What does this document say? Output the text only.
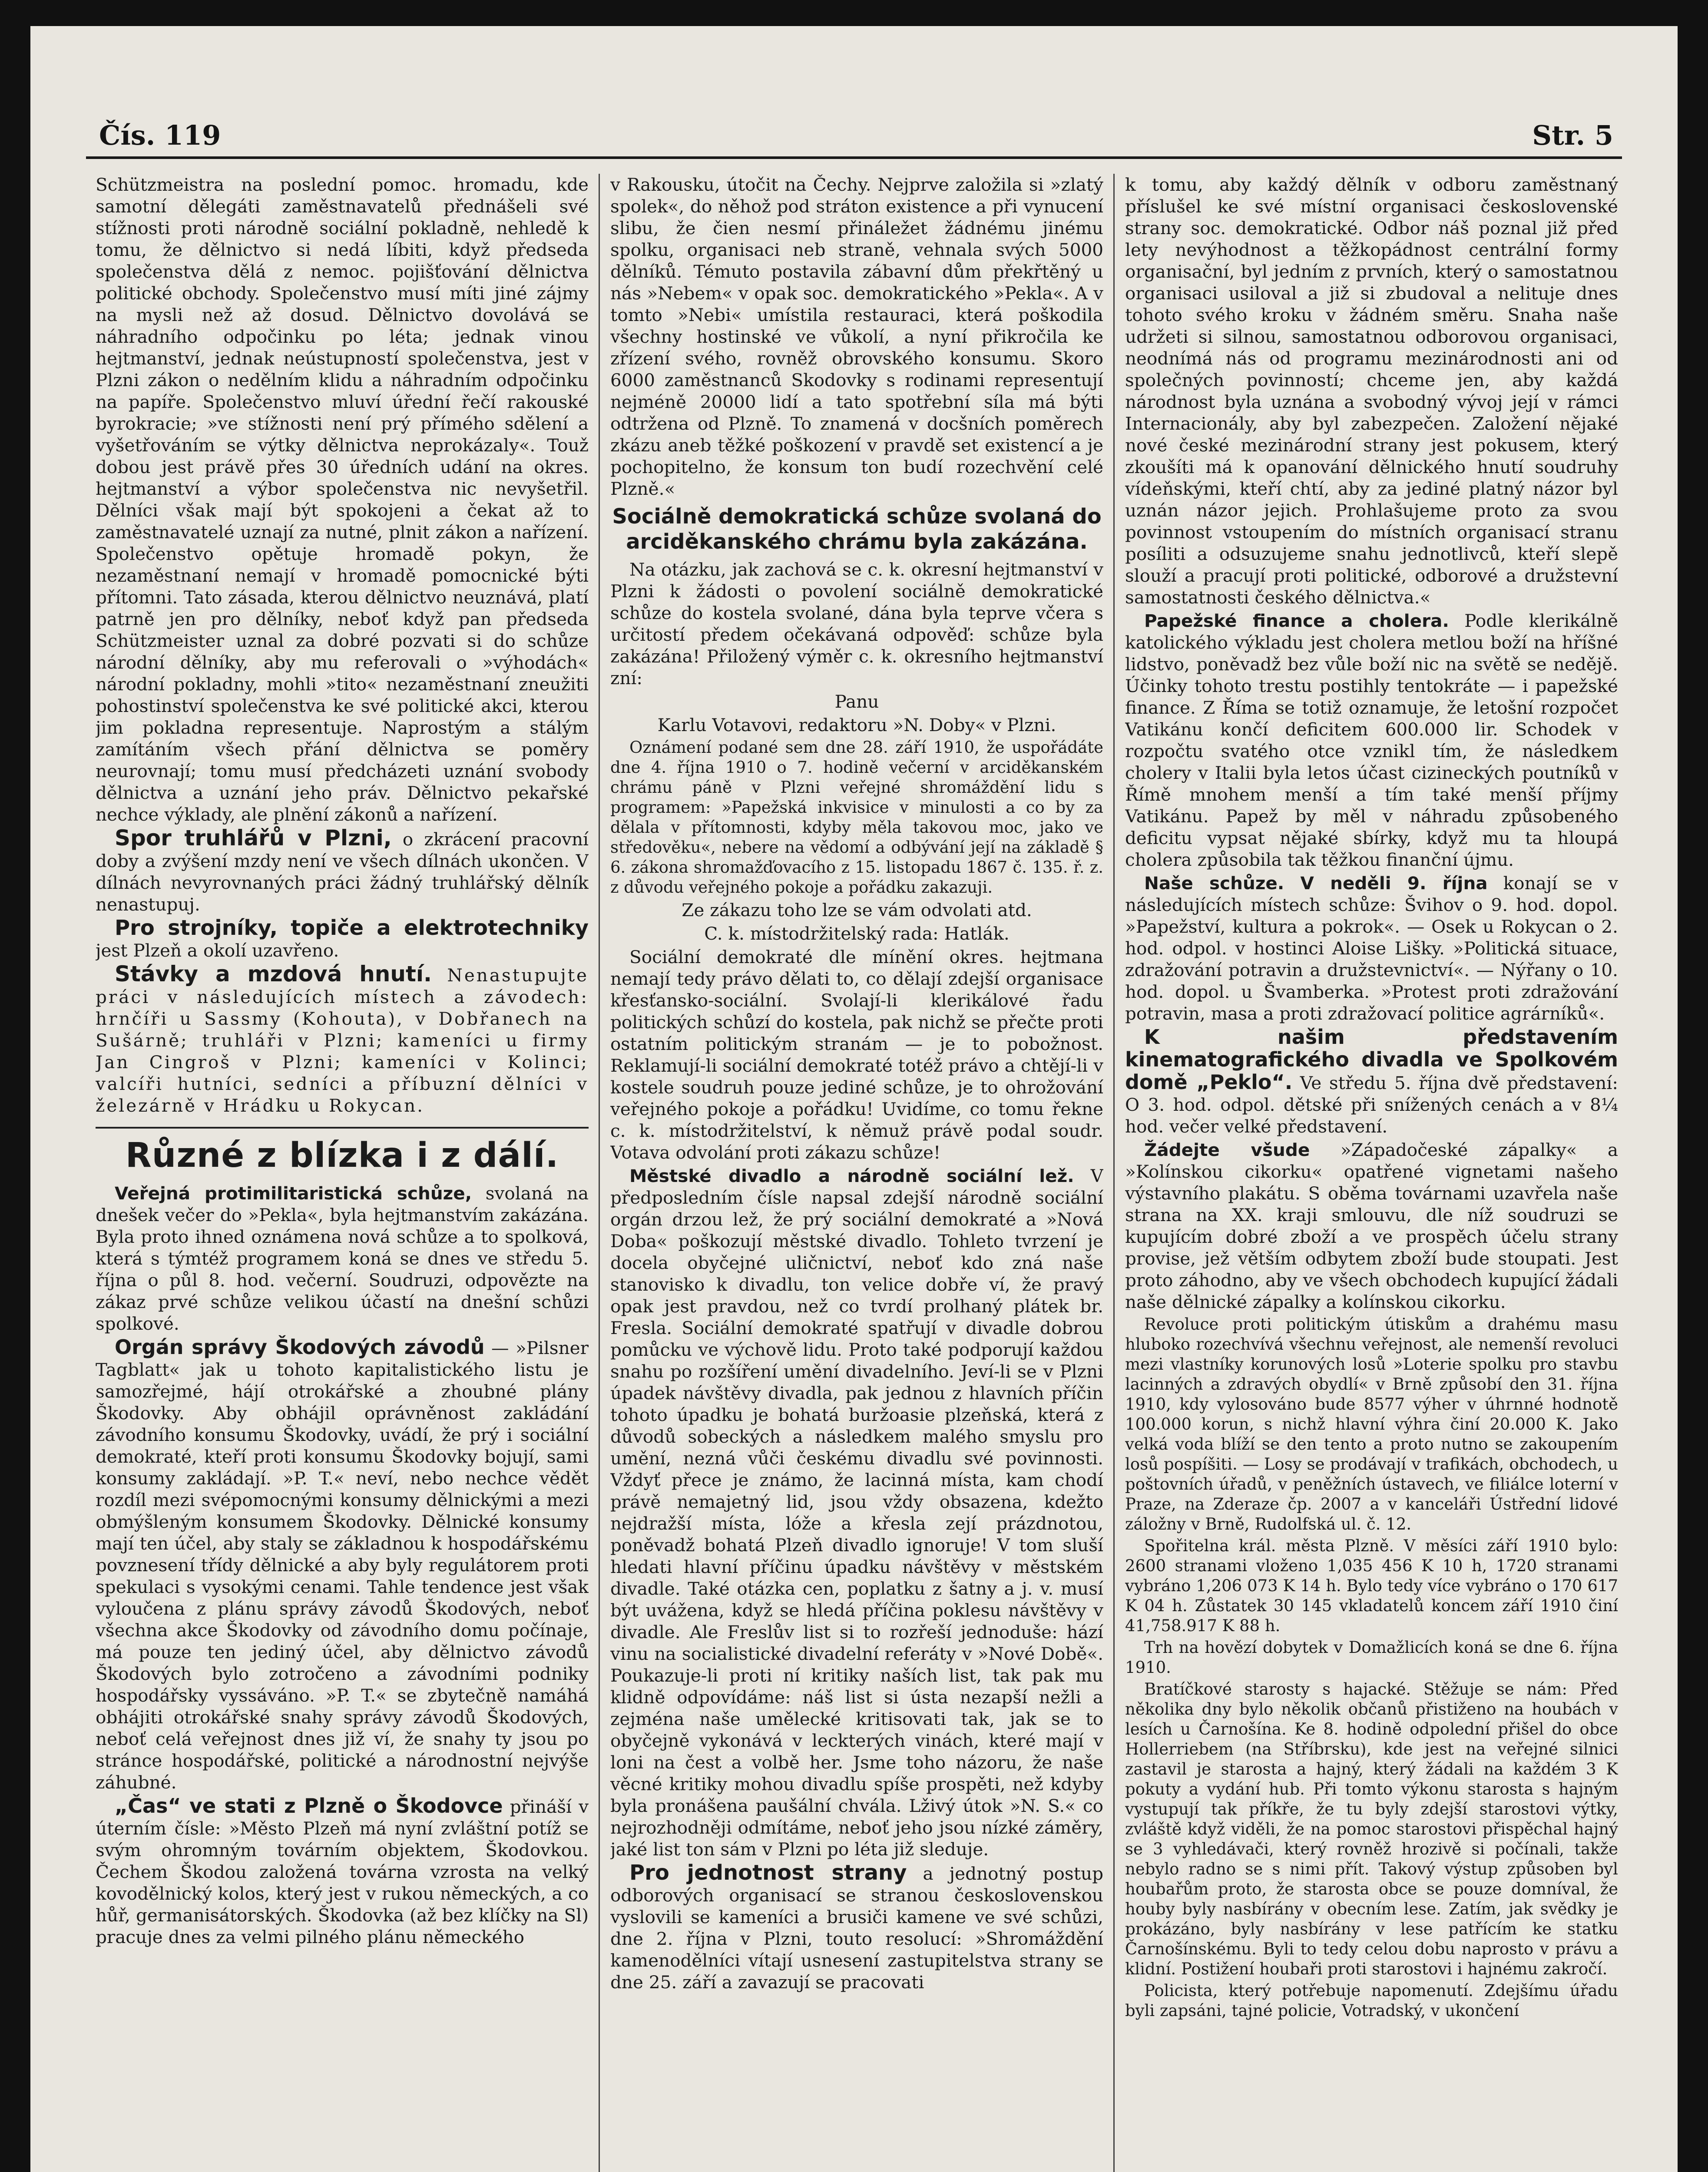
Čís. 119	Str. 5

Schützmeistra na poslední pomoc. hromadu, kde samotní dělegáti zaměstnavatelů přednášeli své stížnosti proti národně sociální pokladně, nehledě k tomu, že dělnictvo si nedá líbiti, když předseda společenstva dělá z nemoc. pojišťování dělnictva politické obchody. Společenstvo musí míti jiné zájmy na mysli než až dosud. Dělnictvo dovolává se náhradního odpočinku po léta; jednak vinou hejtmanství, jednak neústupností společenstva, jest v Plzni zákon o nedělním klidu a náhradním odpočinku na papíře. Společenstvo mluví úřední řečí rakouské byrokracie; »ve stížnosti není prý přímého sdělení a vyšetřováním se výtky dělnictva neprokázaly«. Touž dobou jest právě přes 30 úředních udání na okres. hejtmanství a výbor společenstva nic nevyšetřil. Dělníci však mají být spokojeni a čekat až to zaměstnavatelé uznají za nutné, plnit zákon a nařízení. Společenstvo opětuje hromadě pokyn, že nezaměstnaní nemají v hromadě pomocnické býti přítomni. Tato zásada, kterou dělnictvo neuznává, platí patrně jen pro dělníky, neboť když pan předseda Schützmeister uznal za dobré pozvati si do schůze národní dělníky, aby mu referovali o »výhodách« národní pokladny, mohli »tito« nezaměstnaní zneužiti pohostinství společenstva ke své politické akci, kterou jim pokladna representuje. Naprostým a stálým zamítáním všech přání dělnictva se poměry neurovnají; tomu musí předcházeti uznání svobody dělnictva a uznání jeho práv. Dělnictvo pekařské nechce výklady, ale plnění zákonů a nařízení.

Spor truhlářů v Plzni, o zkrácení pracovní doby a zvýšení mzdy není ve všech dílnách ukončen. V dílnách nevyrovnaných práci žádný truhlářský dělník nenastupuj.

Pro strojníky, topiče a elektrotechniky jest Plzeň a okolí uzavřeno.

Stávky a mzdová hnutí. Nenastupujte práci v následujících místech a závodech: hrnčíři u Sassmy (Kohouta), v Dobřanech na Sušárně; truhláři v Plzni; kameníci u firmy Jan Cingroš v Plzni; kameníci v Kolinci; valcíři hutníci, sedníci a příbuzní dělníci v železárně v Hrádku u Rokycan.

Různé z blízka i z dálí.

Veřejná protimilitaristická schůze, svolaná na dnešek večer do »Pekla«, byla hejtmanstvím zakázána. Byla proto ihned oznámena nová schůze a to spolková, která s týmtéž programem koná se dnes ve středu 5. října o půl 8. hod. večerní. Soudruzi, odpovězte na zákaz prvé schůze velikou účastí na dnešní schůzi spolkové.

Orgán správy Škodových závodů — »Pilsner Tagblatt« jak u tohoto kapitalistického listu je samozřejmé, hájí otrokářské a zhoubné plány Škodovky. Aby obhájil oprávněnost zakládání závodního konsumu Škodovky, uvádí, že prý i sociální demokraté, kteří proti konsumu Škodovky bojují, sami konsumy zakládají. »P. T.« neví, nebo nechce vědět rozdíl mezi svépomocnými konsumy dělnickými a mezi obmýšleným konsumem Škodovky. Dělnické konsumy mají ten účel, aby staly se základnou k hospodářskému povznesení třídy dělnické a aby byly regulátorem proti spekulaci s vysokými cenami. Tahle tendence jest však vyloučena z plánu správy závodů Škodových, neboť všechna akce Škodovky od závodního domu počínaje, má pouze ten jediný účel, aby dělnictvo závodů Škodových bylo zotročeno a závodními podniky hospodářsky vyssáváno. »P. T.« se zbytečně namáhá obhájiti otrokářské snahy správy závodů Škodových, neboť celá veřejnost dnes již ví, že snahy ty jsou po stránce hospodářské, politické a národnostní nejvýše záhubné.

„Čas“ ve stati z Plzně o Škodovce přináší v úterním čísle: »Město Plzeň má nyní zvláštní potíž se svým ohromným továrním objektem, Škodovkou. Čechem Škodou založená továrna vzrosta na velký kovodělnický kolos, který jest v rukou německých, a co hůř, germanisátorských. Škodovka (až bez klíčky na Sl) pracuje dnes za velmi pilného plánu německého

v Rakousku, útočit na Čechy. Nejprve založila si »zlatý spolek«, do něhož pod stráton existence a při vynucení slibu, že čien nesmí přináležet žádnému jinému spolku, organisaci neb straně, vehnala svých 5000 dělníků. Témuto postavila zábavní dům překřtěný u nás »Nebem« v opak soc. demokratického »Pekla«. A v tomto »Nebi« umístila restauraci, která poškodila všechny hostinské ve vůkolí, a nyní přikročila ke zřízení svého, rovněž obrovského konsumu. Skoro 6000 zaměstnanců Skodovky s rodinami representují nejméně 20000 lidí a tato spotřební síla má býti odtržena od Plzně. To znamená v docšních poměrech zkázu aneb těžké poškození v pravdě set existencí a je pochopitelno, že konsum ton budí rozechvění celé Plzně.«

Sociálně demokratická schůze svolaná do arciděkanského chrámu byla zakázána.

Na otázku, jak zachová se c. k. okresní hejtmanství v Plzni k žádosti o povolení sociálně demokratické schůze do kostela svolané, dána byla teprve včera s určitostí předem očekávaná odpověď: schůze byla zakázána! Přiložený výměr c. k. okresního hejtmanství zní:

Panu

Karlu Votavovi, redaktoru »N. Doby« v Plzni.

Oznámení podané sem dne 28. září 1910, že uspořádáte dne 4. října 1910 o 7. hodině večerní v arciděkanském chrámu páně v Plzni veřejné shromáždění lidu s programem: »Papežská inkvisice v minulosti a co by za dělala v přítomnosti, kdyby měla takovou moc, jako ve středověku«, nebere na vědomí a odbývání její na základě § 6. zákona shromažďovacího z 15. listopadu 1867 č. 135. ř. z. z důvodu veřejného pokoje a pořádku zakazuji.

Ze zákazu toho lze se vám odvolati atd.

C. k. místodržitelský rada: Hatlák.

Sociální demokraté dle mínění okres. hejtmana nemají tedy právo dělati to, co dělají zdejší organisace křesťansko-sociální. Svolají-li klerikálové řadu politických schůzí do kostela, pak nichž se přečte proti ostatním politickým stranám — je to pobožnost. Reklamují-li sociální demokraté totéž právo a chtějí-li v kostele soudruh pouze jediné schůze, je to ohrožování veřejného pokoje a pořádku! Uvidíme, co tomu řekne c. k. místodržitelství, k němuž právě podal soudr. Votava odvolání proti zákazu schůze!

Městské divadlo a národně sociální lež. V předposledním čísle napsal zdejší národně sociální orgán drzou lež, že prý sociální demokraté a »Nová Doba« poškozují městské divadlo. Tohleto tvrzení je docela obyčejné uličnictví, neboť kdo zná naše stanovisko k divadlu, ton velice dobře ví, že pravý opak jest pravdou, než co tvrdí prolhaný plátek br. Fresla. Sociální demokraté spatřují v divadle dobrou pomůcku ve výchově lidu. Proto také podporují každou snahu po rozšíření umění divadelního. Jeví-li se v Plzni úpadek návštěvy divadla, pak jednou z hlavních příčin tohoto úpadku je bohatá buržoasie plzeňská, která z důvodů sobeckých a následkem malého smyslu pro umění, nezná vůči českému divadlu své povinnosti. Vždyť přece je známo, že lacinná místa, kam chodí právě nemajetný lid, jsou vždy obsazena, kdežto nejdražší místa, lóže a křesla zejí prázdnotou, poněvadž bohatá Plzeň divadlo ignoruje! V tom sluší hledati hlavní příčinu úpadku návštěvy v městském divadle. Také otázka cen, poplatku z šatny a j. v. musí být uvážena, když se hledá příčina poklesu návštěvy v divadle. Ale Freslův list si to rozřeší jednoduše: hází vinu na socialistické divadelní referáty v »Nové Době«. Poukazuje-li proti ní kritiky naších list, tak pak mu klidně odpovídáme: náš list si ústa nezapší nežli a zejména naše umělecké kritisovati tak, jak se to obyčejně vykonává v leckterých vinách, které mají v loni na čest a volbě her. Jsme toho názoru, že naše věcné kritiky mohou divadlu spíše prospěti, než kdyby byla pronášena paušální chvála. Lživý útok »N. S.« co nejrozhodněji odmítáme, neboť jeho jsou nízké záměry, jaké list ton sám v Plzni po léta již sleduje.

Pro jednotnost strany a jednotný postup odborových organisací se stranou československou vyslovili se kameníci a brusiči kamene ve své schůzi, dne 2. října v Plzni, touto resolucí: »Shromáždění kamenodělníci vítají usnesení zastupitelstva strany se dne 25. září a zavazují se pracovati

k tomu, aby každý dělník v odboru zaměstnaný příslušel ke své místní organisaci československé strany soc. demokratické. Odbor náš poznal již před lety nevýhodnost a těžkopádnost centrální formy organisační, byl jedním z prvních, který o samostatnou organisaci usiloval a již si zbudoval a nelituje dnes tohoto svého kroku v žádném směru. Snaha naše udržeti si silnou, samostatnou odborovou organisaci, neodnímá nás od programu mezinárodnosti ani od společných povinností; chceme jen, aby každá národnost byla uznána a svobodný vývoj její v rámci Internacionály, aby byl zabezpečen. Založení nějaké nové české mezinárodní strany jest pokusem, který zkoušíti má k opanování dělnického hnutí soudruhy vídeňskými, kteří chtí, aby za jediné platný názor byl uznán názor jejich. Prohlašujeme proto za svou povinnost vstoupením do místních organisací stranu posíliti a odsuzujeme snahu jednotlivců, kteří slepě slouží a pracují proti politické, odborové a družstevní samostatnosti českého dělnictva.«

Papežské finance a cholera. Podle klerikálně katolického výkladu jest cholera metlou boží na hříšné lidstvo, poněvadž bez vůle boží nic na světě se nedějě. Účinky tohoto trestu postihly tentokráte — i papežské finance. Z Říma se totiž oznamuje, že letošní rozpočet Vatikánu končí deficitem 600.000 lir. Schodek v rozpočtu svatého otce vznikl tím, že následkem cholery v Italii byla letos účast cizineckých poutníků v Římě mnohem menší a tím také menší příjmy Vatikánu. Papež by měl v náhradu způsobeného deficitu vypsat nějaké sbírky, když mu ta hloupá cholera způsobila tak těžkou finanční újmu.

Naše schůze. V neděli 9. října konají se v následujících místech schůze: Švihov o 9. hod. dopol. »Papežství, kultura a pokrok«. — Osek u Rokycan o 2. hod. odpol. v hostinci Aloise Lišky. »Politická situace, zdražování potravin a družstevnictví«. — Nýřany o 10. hod. dopol. u Švamberka. »Protest proti zdražování potravin, masa a proti zdražovací politice agrárníků«.

K našim představením kinematografického divadla ve Spolkovém domě „Peklo“. Ve středu 5. října dvě představení: O 3. hod. odpol. dětské při snížených cenách a v 8¼ hod. večer velké představení.

Žádejte všude »Západočeské zápalky« a »Kolínskou cikorku« opatřené vignetami našeho výstavního plakátu. S oběma továrnami uzavřela naše strana na XX. kraji smlouvu, dle níž soudruzi se kupujícím dobré zboží a ve prospěch účelu strany provise, jež větším odbytem zboží bude stoupati. Jest proto záhodno, aby ve všech obchodech kupující žádali naše dělnické zápalky a kolínskou cikorku.

Revoluce proti politickým útiskům a drahému masu hluboko rozechvívá všechnu veřejnost, ale nemenší revoluci mezi vlastníky korunových losů »Loterie spolku pro stavbu lacinných a zdravých obydlí« v Brně způsobí den 31. října 1910, kdy vylosováno bude 8577 výher v úhrnné hodnotě 100.000 korun, s nichž hlavní výhra činí 20.000 K. Jako velká voda blíží se den tento a proto nutno se zakoupením losů pospíšiti. — Losy se prodávají v trafikách, obchodech, u poštovních úřadů, v peněžních ústavech, ve filiálce loterní v Praze, na Zderaze čp. 2007 a v kanceláři Ústřední lidové záložny v Brně, Rudolfská ul. č. 12.

Spořitelna král. města Plzně. V měsíci září 1910 bylo: 2600 stranami vloženo 1,035 456 K 10 h, 1720 stranami vybráno 1,206 073 K 14 h. Bylo tedy více vybráno o 170 617 K 04 h. Zůstatek 30 145 vkladatelů koncem září 1910 činí 41,758.917 K 88 h.

Trh na hovězí dobytek v Domažlicích koná se dne 6. října 1910.

Bratíčkové starosty s hajacké. Stěžuje se nám: Před několika dny bylo několik občanů přistiženo na houbách v lesích u Čarnošína. Ke 8. hodině odpolední přišel do obce Hollerriebem (na Stříbrsku), kde jest na veřejné silnici zastavil je starosta a hajný, který žádali na každém 3 K pokuty a vydání hub. Při tomto výkonu starosta s hajným vystupují tak příkře, že tu byly zdejší starostovi výtky, zvláště když viděli, že na pomoc starostovi přispěchal hajný se 3 vyhledávači, který rovněž hrozivě si počínali, takže nebylo radno se s nimi přít. Takový výstup způsoben byl houbařům proto, že starosta obce se pouze domníval, že houby byly nasbírány v obecním lese. Zatím, jak svědky je prokázáno, byly nasbírány v lese patřícím ke statku Čarnošínskému. Byli to tedy celou dobu naprosto v právu a klidní. Postižení houbaři proti starostovi i hajnému zakročí.

Policista, který potřebuje napomenutí. Zdejšímu úřadu byli zapsáni, tajné policie, Votradský, v ukončení
